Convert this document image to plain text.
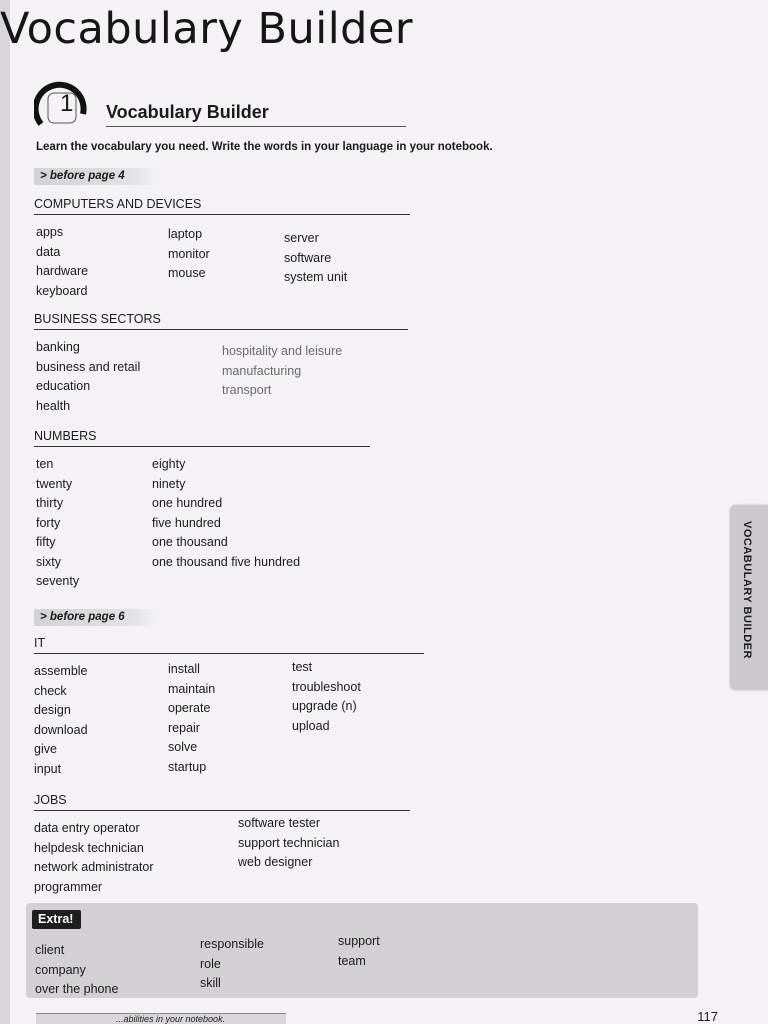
Vocabulary Builder
1 Vocabulary Builder
Learn the vocabulary you need. Write the words in your language in your notebook.
> before page 4
COMPUTERS AND DEVICES
apps
data
hardware
keyboard
laptop
monitor
mouse
server
software
system unit
BUSINESS SECTORS
banking
business and retail
education
health
hospitality and leisure
manufacturing
transport
NUMBERS
ten
twenty
thirty
forty
fifty
sixty
seventy
eighty
ninety
one hundred
five hundred
one thousand
one thousand five hundred
> before page 6
IT
assemble
check
design
download
give
input
install
maintain
operate
repair
solve
startup
test
troubleshoot
upgrade (n)
upload
JOBS
data entry operator
helpdesk technician
network administrator
programmer
software tester
support technician
web designer
Extra!
client
company
over the phone
responsible
role
skill
support
team
VOCABULARY BUILDER
...abilities in your notebook.	117
